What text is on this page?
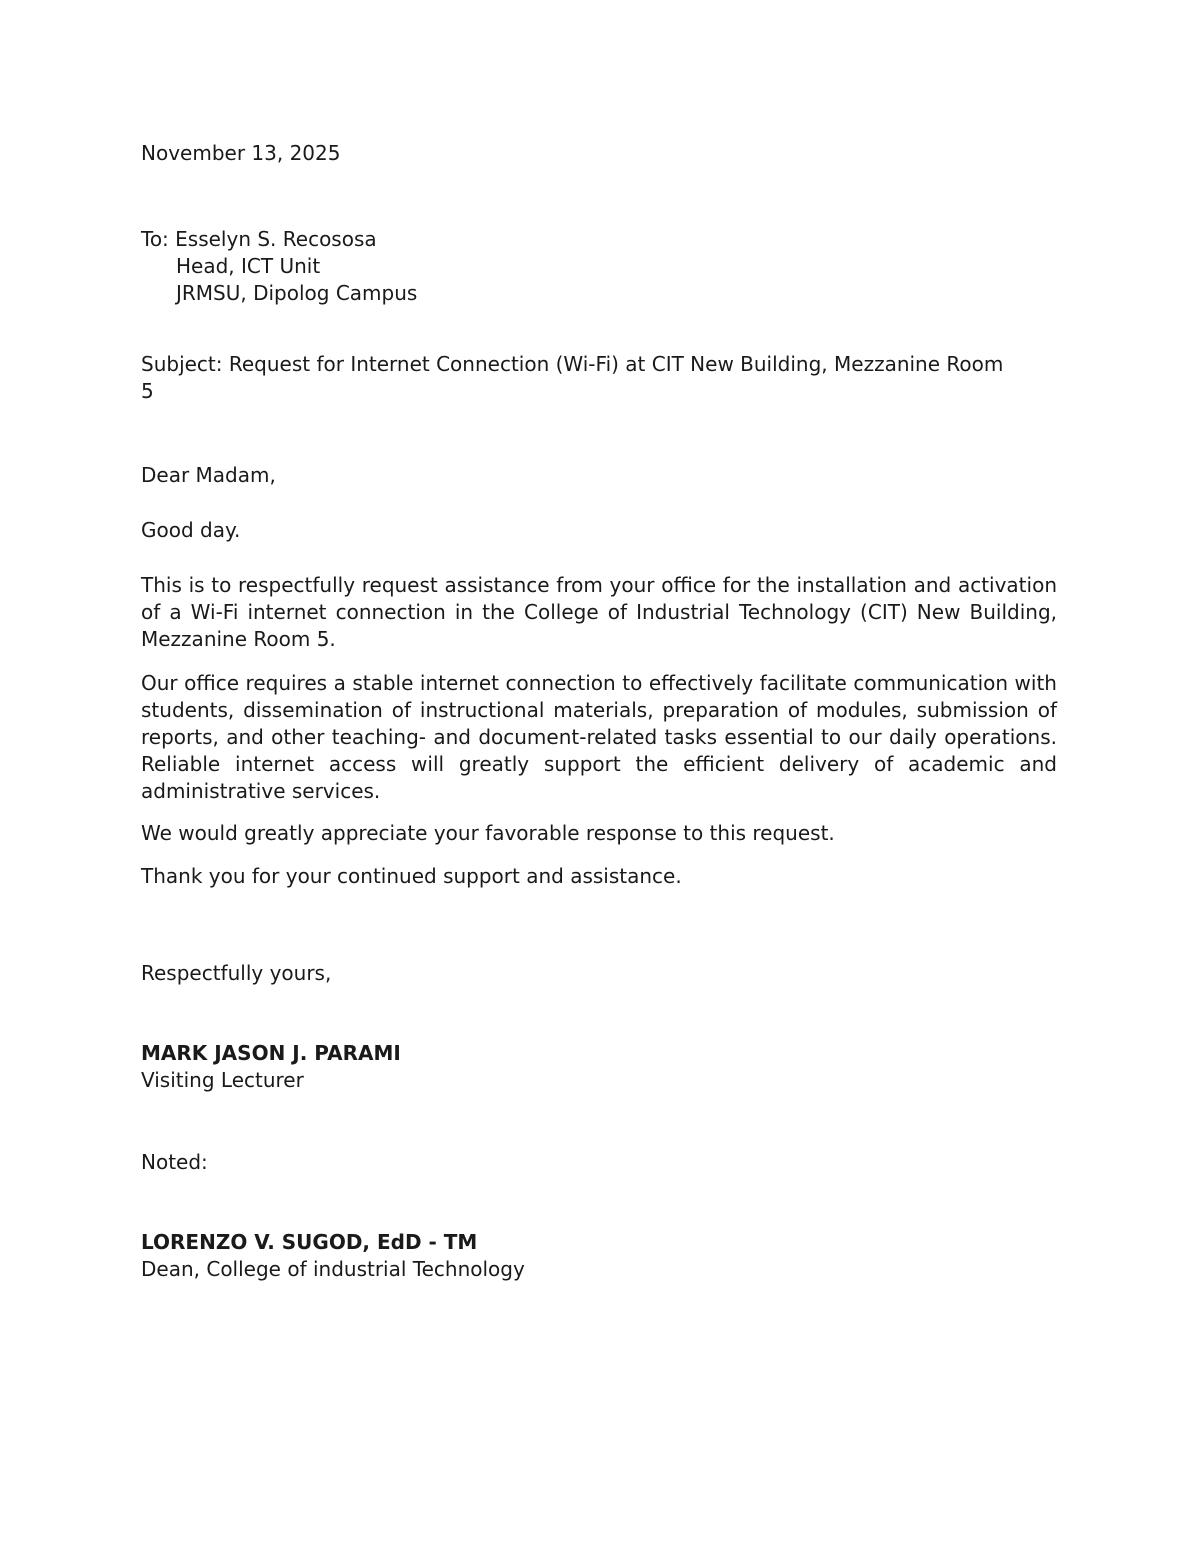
November 13, 2025
To: Esselyn S. Recososa
Head, ICT Unit
JRMSU, Dipolog Campus

Subject: Request for Internet Connection (Wi-Fi) at CIT New Building, Mezzanine Room 5

Dear Madam,
Good day.

This is to respectfully request assistance from your office for the installation and activation of a Wi-Fi internet connection in the College of Industrial Technology (CIT) New Building, Mezzanine Room 5.

Our office requires a stable internet connection to effectively facilitate communication with students, dissemination of instructional materials, preparation of modules, submission of reports, and other teaching- and document-related tasks essential to our daily operations. Reliable internet access will greatly support the efficient delivery of academic and administrative services.

We would greatly appreciate your favorable response to this request.
Thank you for your continued support and assistance.
Respectfully yours,
MARK JASON J. PARAMI
Visiting Lecturer
Noted:
LORENZO V. SUGOD, EdD - TM
Dean, College of industrial Technology
